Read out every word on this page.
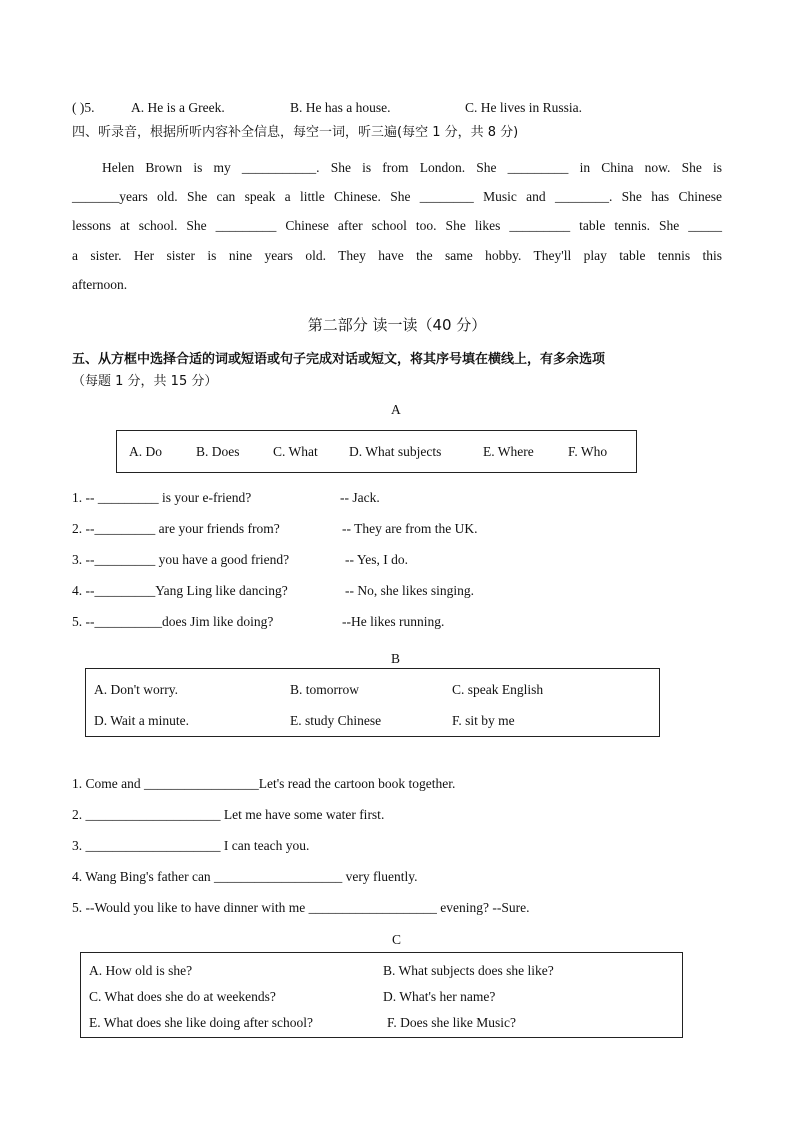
( )5.	A. He is a Greek.	B. He has a house.	C. He lives in Russia.
四、听录音，根据所听内容补全信息，每空一词，听三遍(每空 1 分，共 8 分)
Helen Brown is my ___________. She is from London. She _________ in China now. She is
_______years old. She can speak a little Chinese. She ________ Music and ________. She has Chinese
lessons at school. She _________ Chinese after school too. She likes _________ table tennis. She _____
a sister. Her sister is nine years old. They have the same hobby. They'll play table tennis this
afternoon.
第二部分 读一读（40 分）
五、从方框中选择合适的词或短语或句子完成对话或短文，将其序号填在横线上，有多余选项
（每题 1 分，共 15 分）
A
A. Do	B. Does C. What D. What subjects	E. Where	F. Who
1. -- _________ is your e-friend?	-- Jack.
2. --_________ are your friends from?	-- They are from the UK.
3. --_________ you have a good friend?	-- Yes, I do.
4. --_________Yang Ling like dancing?	-- No, she likes singing.
5. --__________does Jim like doing?	--He likes running.
B
A. Don't worry.	B. tomorrow	C. speak English
D. Wait a minute.	E. study Chinese	F. sit by me
1. Come and _________________Let's read the cartoon book together.
2. ____________________ Let me have some water first.
3. ____________________ I can teach you.
4. Wang Bing's father can ___________________ very fluently.
5. --Would you like to have dinner with me ___________________ evening? --Sure.
C
A. How old is she?	B. What subjects does she like?
C. What does she do at weekends?	D. What's her name?
E. What does she like doing after school?	F. Does she like Music?
